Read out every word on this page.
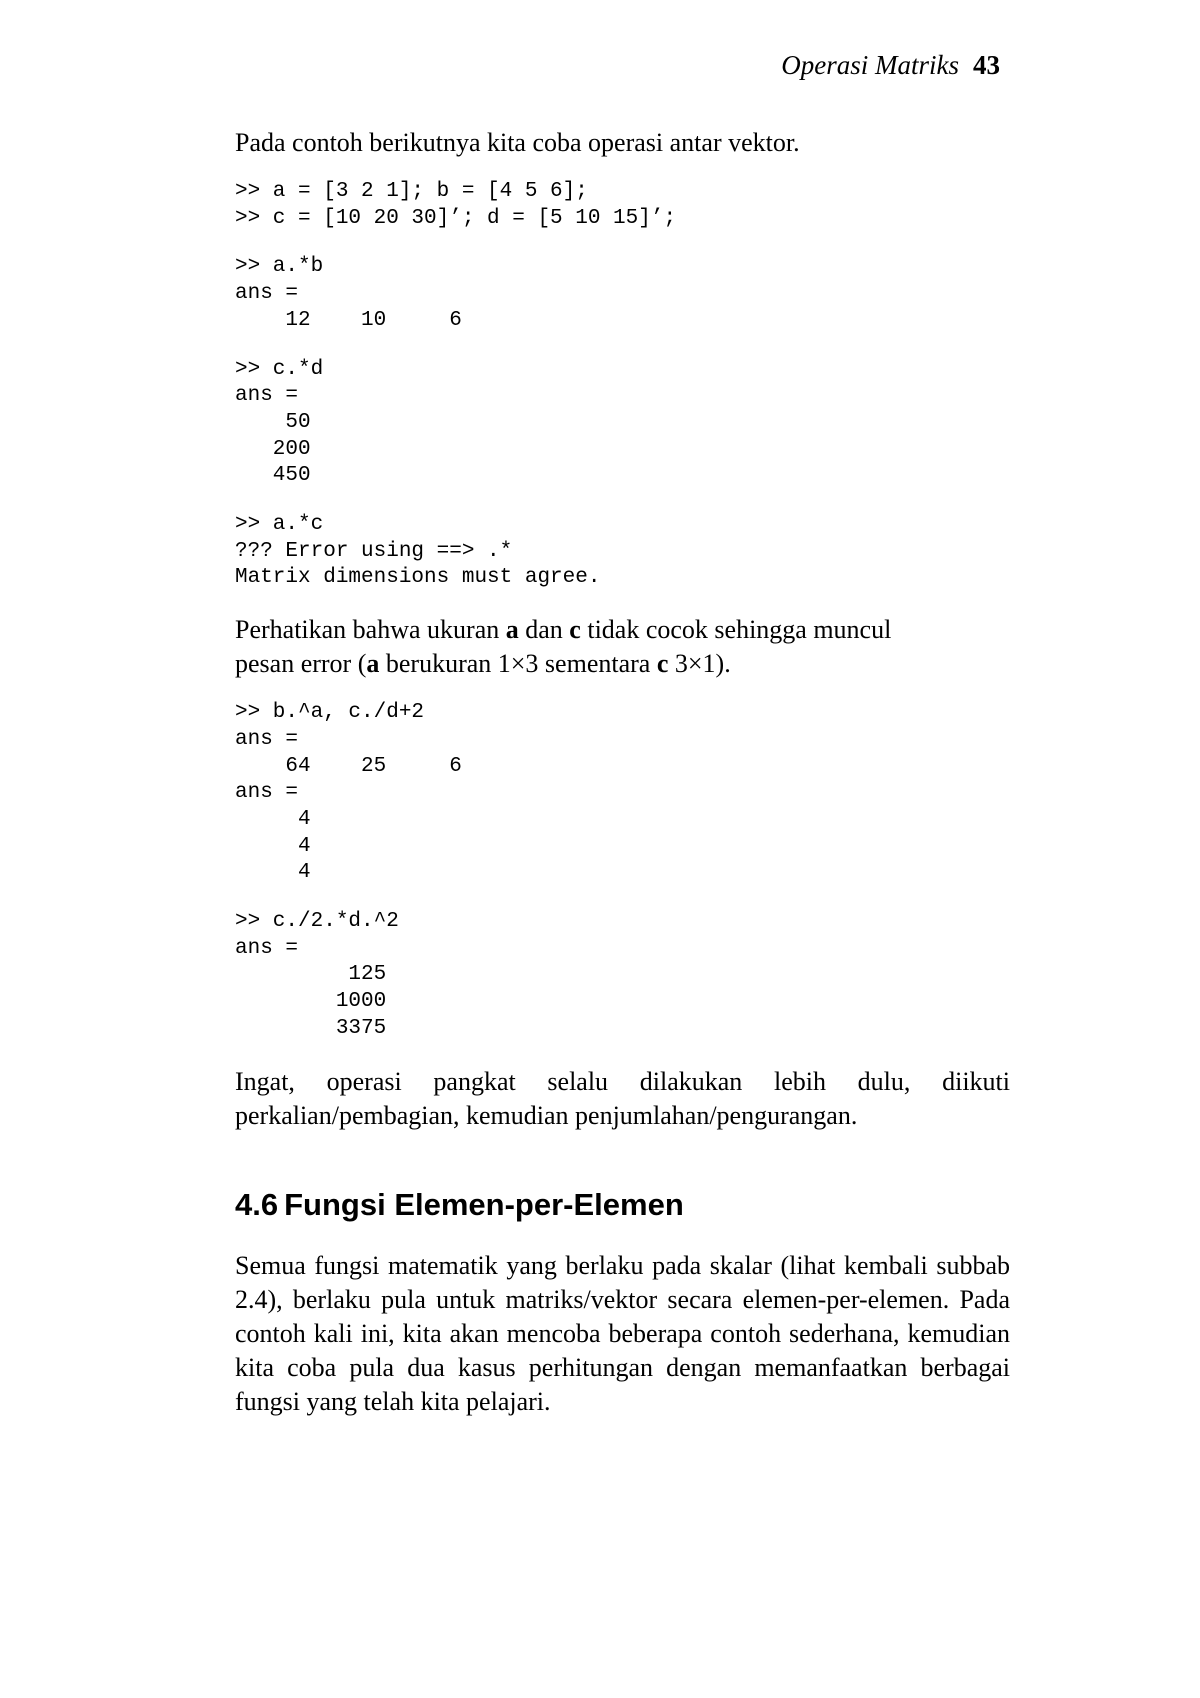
Operasi Matriks 43

Pada contoh berikutnya kita coba operasi antar vektor.

>> a = [3 2 1]; b = [4 5 6];
>> c = [10 20 30]’; d = [5 10 15]’;
>> a.*b
ans =
12    10     6
>> c.*d
ans =
50
200
450
>> a.*c
??? Error using ==> .*
Matrix dimensions must agree.

Perhatikan bahwa ukuran a dan c tidak cocok sehingga muncul
pesan error (a berukuran 1×3 sementara c 3×1).

>> b.^a, c./d+2
ans =
64    25     6
ans =
4
4
4
>> c./2.*d.^2
ans =
125
1000
3375

Ingat, operasi pangkat selalu dilakukan lebih dulu, diikuti perkalian/pembagian, kemudian penjumlahan/pengurangan.

4.6 Fungsi Elemen-per-Elemen

Semua fungsi matematik yang berlaku pada skalar (lihat kembali subbab 2.4), berlaku pula untuk matriks/vektor secara elemen-per-elemen. Pada contoh kali ini, kita akan mencoba beberapa contoh sederhana, kemudian kita coba pula dua kasus perhitungan dengan memanfaatkan berbagai fungsi yang telah kita pelajari.
